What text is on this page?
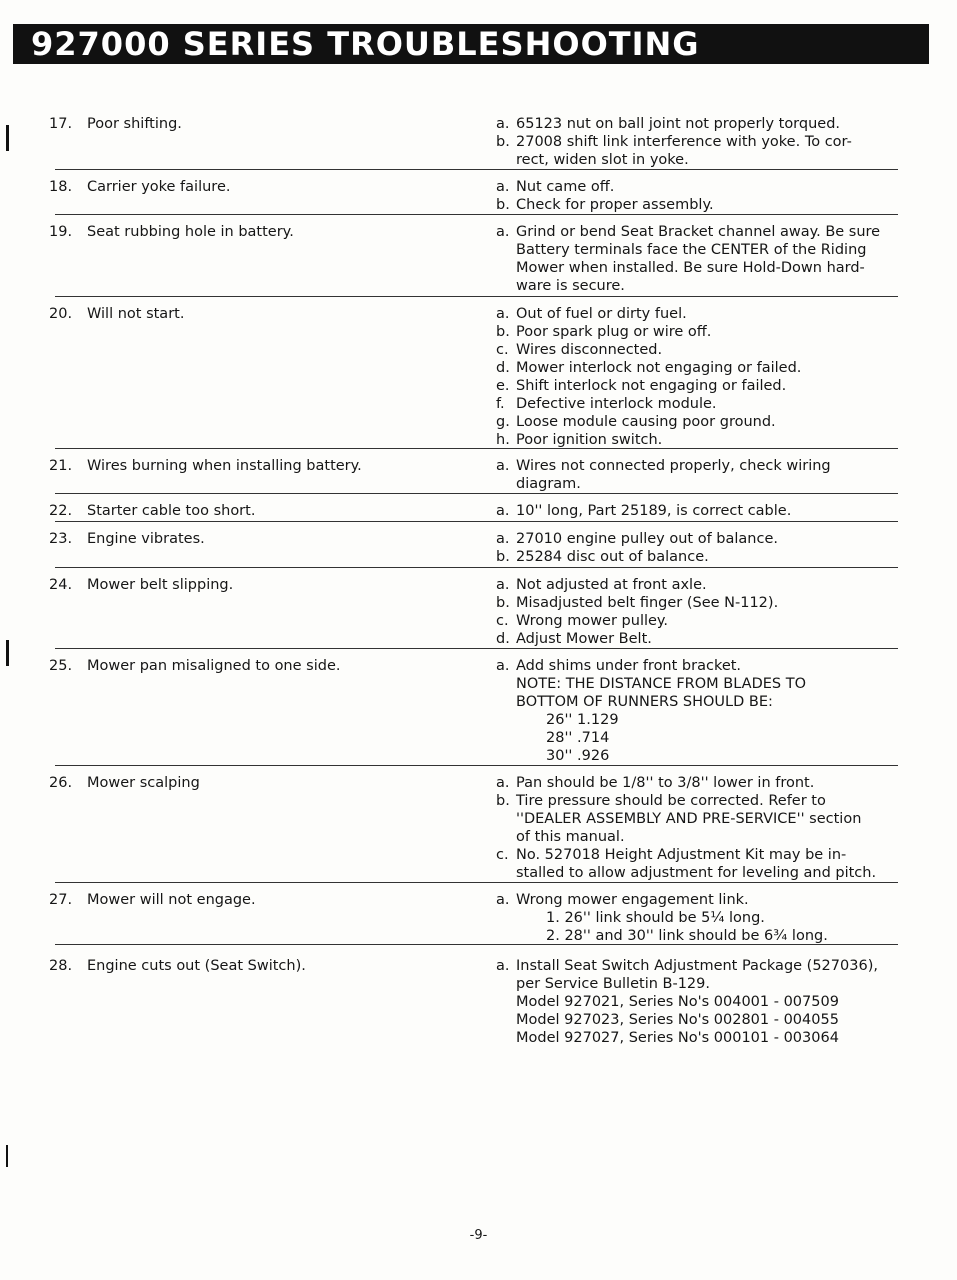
927000 SERIES TROUBLESHOOTING
17. Poor shifting.	a. 65123 nut on ball joint not properly torqued.
b. 27008 shift link interference with yoke. To cor-
rect, widen slot in yoke.
18. Carrier yoke failure.	a. Nut came off.
b. Check for proper assembly.
19. Seat rubbing hole in battery.	a. Grind or bend Seat Bracket channel away. Be sure
Battery terminals face the CENTER of the Riding
Mower when installed. Be sure Hold-Down hard-
ware is secure.
20. Will not start.	a. Out of fuel or dirty fuel.
b. Poor spark plug or wire off.
c. Wires disconnected.
d. Mower interlock not engaging or failed.
e. Shift interlock not engaging or failed.
f. Defective interlock module.
g. Loose module causing poor ground.
h. Poor ignition switch.
21. Wires burning when installing battery.	a. Wires not connected properly, check wiring
diagram.
22. Starter cable too short.	a. 10'' long, Part 25189, is correct cable.
23. Engine vibrates.	a. 27010 engine pulley out of balance.
b. 25284 disc out of balance.
24. Mower belt slipping.	a. Not adjusted at front axle.
b. Misadjusted belt finger (See N-112).
c. Wrong mower pulley.
d. Adjust Mower Belt.
25. Mower pan misaligned to one side.	a. Add shims under front bracket.
NOTE: THE DISTANCE FROM BLADES TO
BOTTOM OF RUNNERS SHOULD BE:
26'' 1.129
28'' .714
30'' .926
26. Mower scalping	a. Pan should be 1/8'' to 3/8'' lower in front.
b. Tire pressure should be corrected. Refer to
''DEALER ASSEMBLY AND PRE-SERVICE'' section
of this manual.
c. No. 527018 Height Adjustment Kit may be in-
stalled to allow adjustment for leveling and pitch.
27. Mower will not engage.	a. Wrong mower engagement link.
1. 26'' link should be 5¼ long.
2. 28'' and 30'' link should be 6¾ long.
28. Engine cuts out (Seat Switch).	a. Install Seat Switch Adjustment Package (527036),
per Service Bulletin B-129.
Model 927021, Series No's 004001 - 007509
Model 927023, Series No's 002801 - 004055
Model 927027, Series No's 000101 - 003064
-9-
